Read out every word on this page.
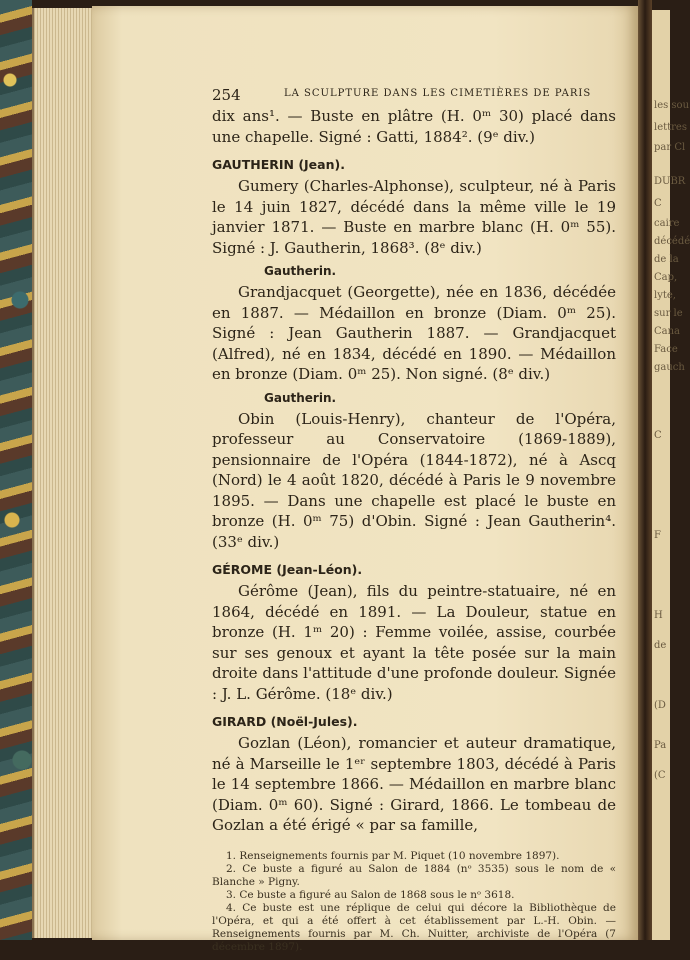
les sou
lettres
par Cl
DUBR
C
caire
décédé
de la
Cap,
lyte,
sur le
Cana
Face
gauch
C
F
H
de
(D
Pa
(C
254	LA SCULPTURE DANS LES CIMETIÈRES DE PARIS

dix ans¹. — Buste en plâtre (H. 0ᵐ 30) placé dans une chapelle. Signé : Gatti, 1884². (9ᵉ div.)

GAUTHERIN (Jean).

Gumery (Charles-Alphonse), sculpteur, né à Paris le 14 juin 1827, décédé dans la même ville le 19 janvier 1871. — Buste en marbre blanc (H. 0ᵐ 55). Signé : J. Gautherin, 1868³. (8ᵉ div.)

Gautherin.

Grandjacquet (Georgette), née en 1836, décédée en 1887. — Médaillon en bronze (Diam. 0ᵐ 25). Signé : Jean Gautherin 1887. — Grandjacquet (Alfred), né en 1834, décédé en 1890. — Médaillon en bronze (Diam. 0ᵐ 25). Non signé. (8ᵉ div.)

Gautherin.

Obin (Louis-Henry), chanteur de l'Opéra, professeur au Conservatoire (1869-1889), pensionnaire de l'Opéra (1844-1872), né à Ascq (Nord) le 4 août 1820, décédé à Paris le 9 novembre 1895. — Dans une chapelle est placé le buste en bronze (H. 0ᵐ 75) d'Obin. Signé : Jean Gautherin⁴. (33ᵉ div.)

GÉROME (Jean-Léon).

Gérôme (Jean), fils du peintre-statuaire, né en 1864, décédé en 1891. — La Douleur, statue en bronze (H. 1ᵐ 20) : Femme voilée, assise, courbée sur ses genoux et ayant la tête posée sur la main droite dans l'attitude d'une profonde douleur. Signée : J. L. Gérôme. (18ᵉ div.)

GIRARD (Noël-Jules).

Gozlan (Léon), romancier et auteur dramatique, né à Marseille le 1ᵉʳ septembre 1803, décédé à Paris le 14 septembre 1866. — Médaillon en marbre blanc (Diam. 0ᵐ 60). Signé : Girard, 1866. Le tombeau de Gozlan a été érigé « par sa famille,

1. Renseignements fournis par M. Piquet (10 novembre 1897).
2. Ce buste a figuré au Salon de 1884 (nᵒ 3535) sous le nom de « Blanche » Pigny.
3. Ce buste a figuré au Salon de 1868 sous le nᵒ 3618.
4. Ce buste est une réplique de celui qui décore la Bibliothèque de l'Opéra, et qui a été offert à cet établissement par L.-H. Obin. — Renseignements fournis par M. Ch. Nuitter, archiviste de l'Opéra (7 décembre 1897).
